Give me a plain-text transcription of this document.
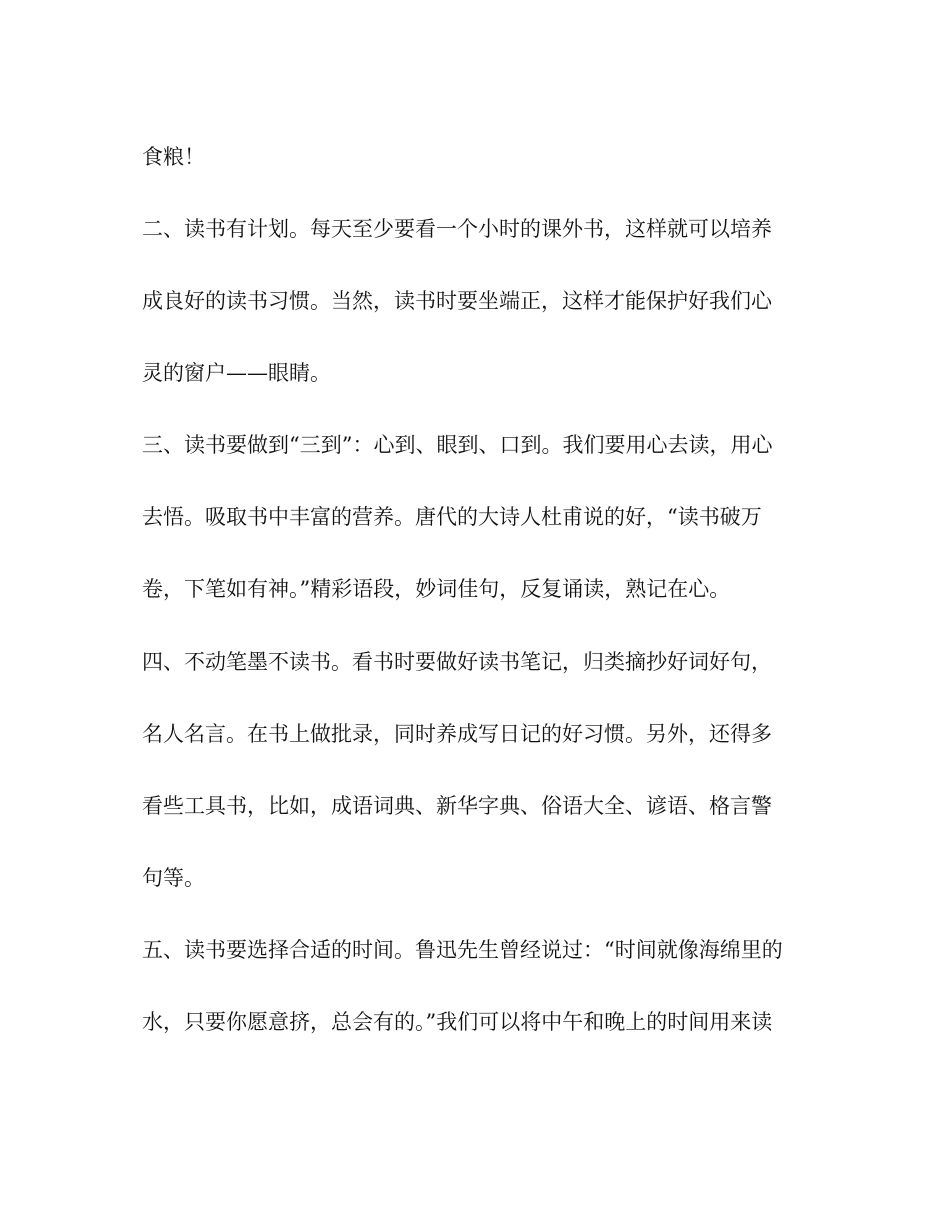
食粮！
二、读书有计划。每天至少要看一个小时的课外书，这样就可以培养
成良好的读书习惯。当然，读书时要坐端正，这样才能保护好我们心
灵的窗户——眼睛。
三、读书要做到“三到”：心到、眼到、口到。我们要用心去读，用心
去悟。吸取书中丰富的营养。唐代的大诗人杜甫说的好，“读书破万
卷，下笔如有神。”精彩语段，妙词佳句，反复诵读，熟记在心。
四、不动笔墨不读书。看书时要做好读书笔记，归类摘抄好词好句，
名人名言。在书上做批录，同时养成写日记的好习惯。另外，还得多
看些工具书，比如，成语词典、新华字典、俗语大全、谚语、格言警
句等。
五、读书要选择合适的时间。鲁迅先生曾经说过：“时间就像海绵里的
水，只要你愿意挤，总会有的。”我们可以将中午和晚上的时间用来读
